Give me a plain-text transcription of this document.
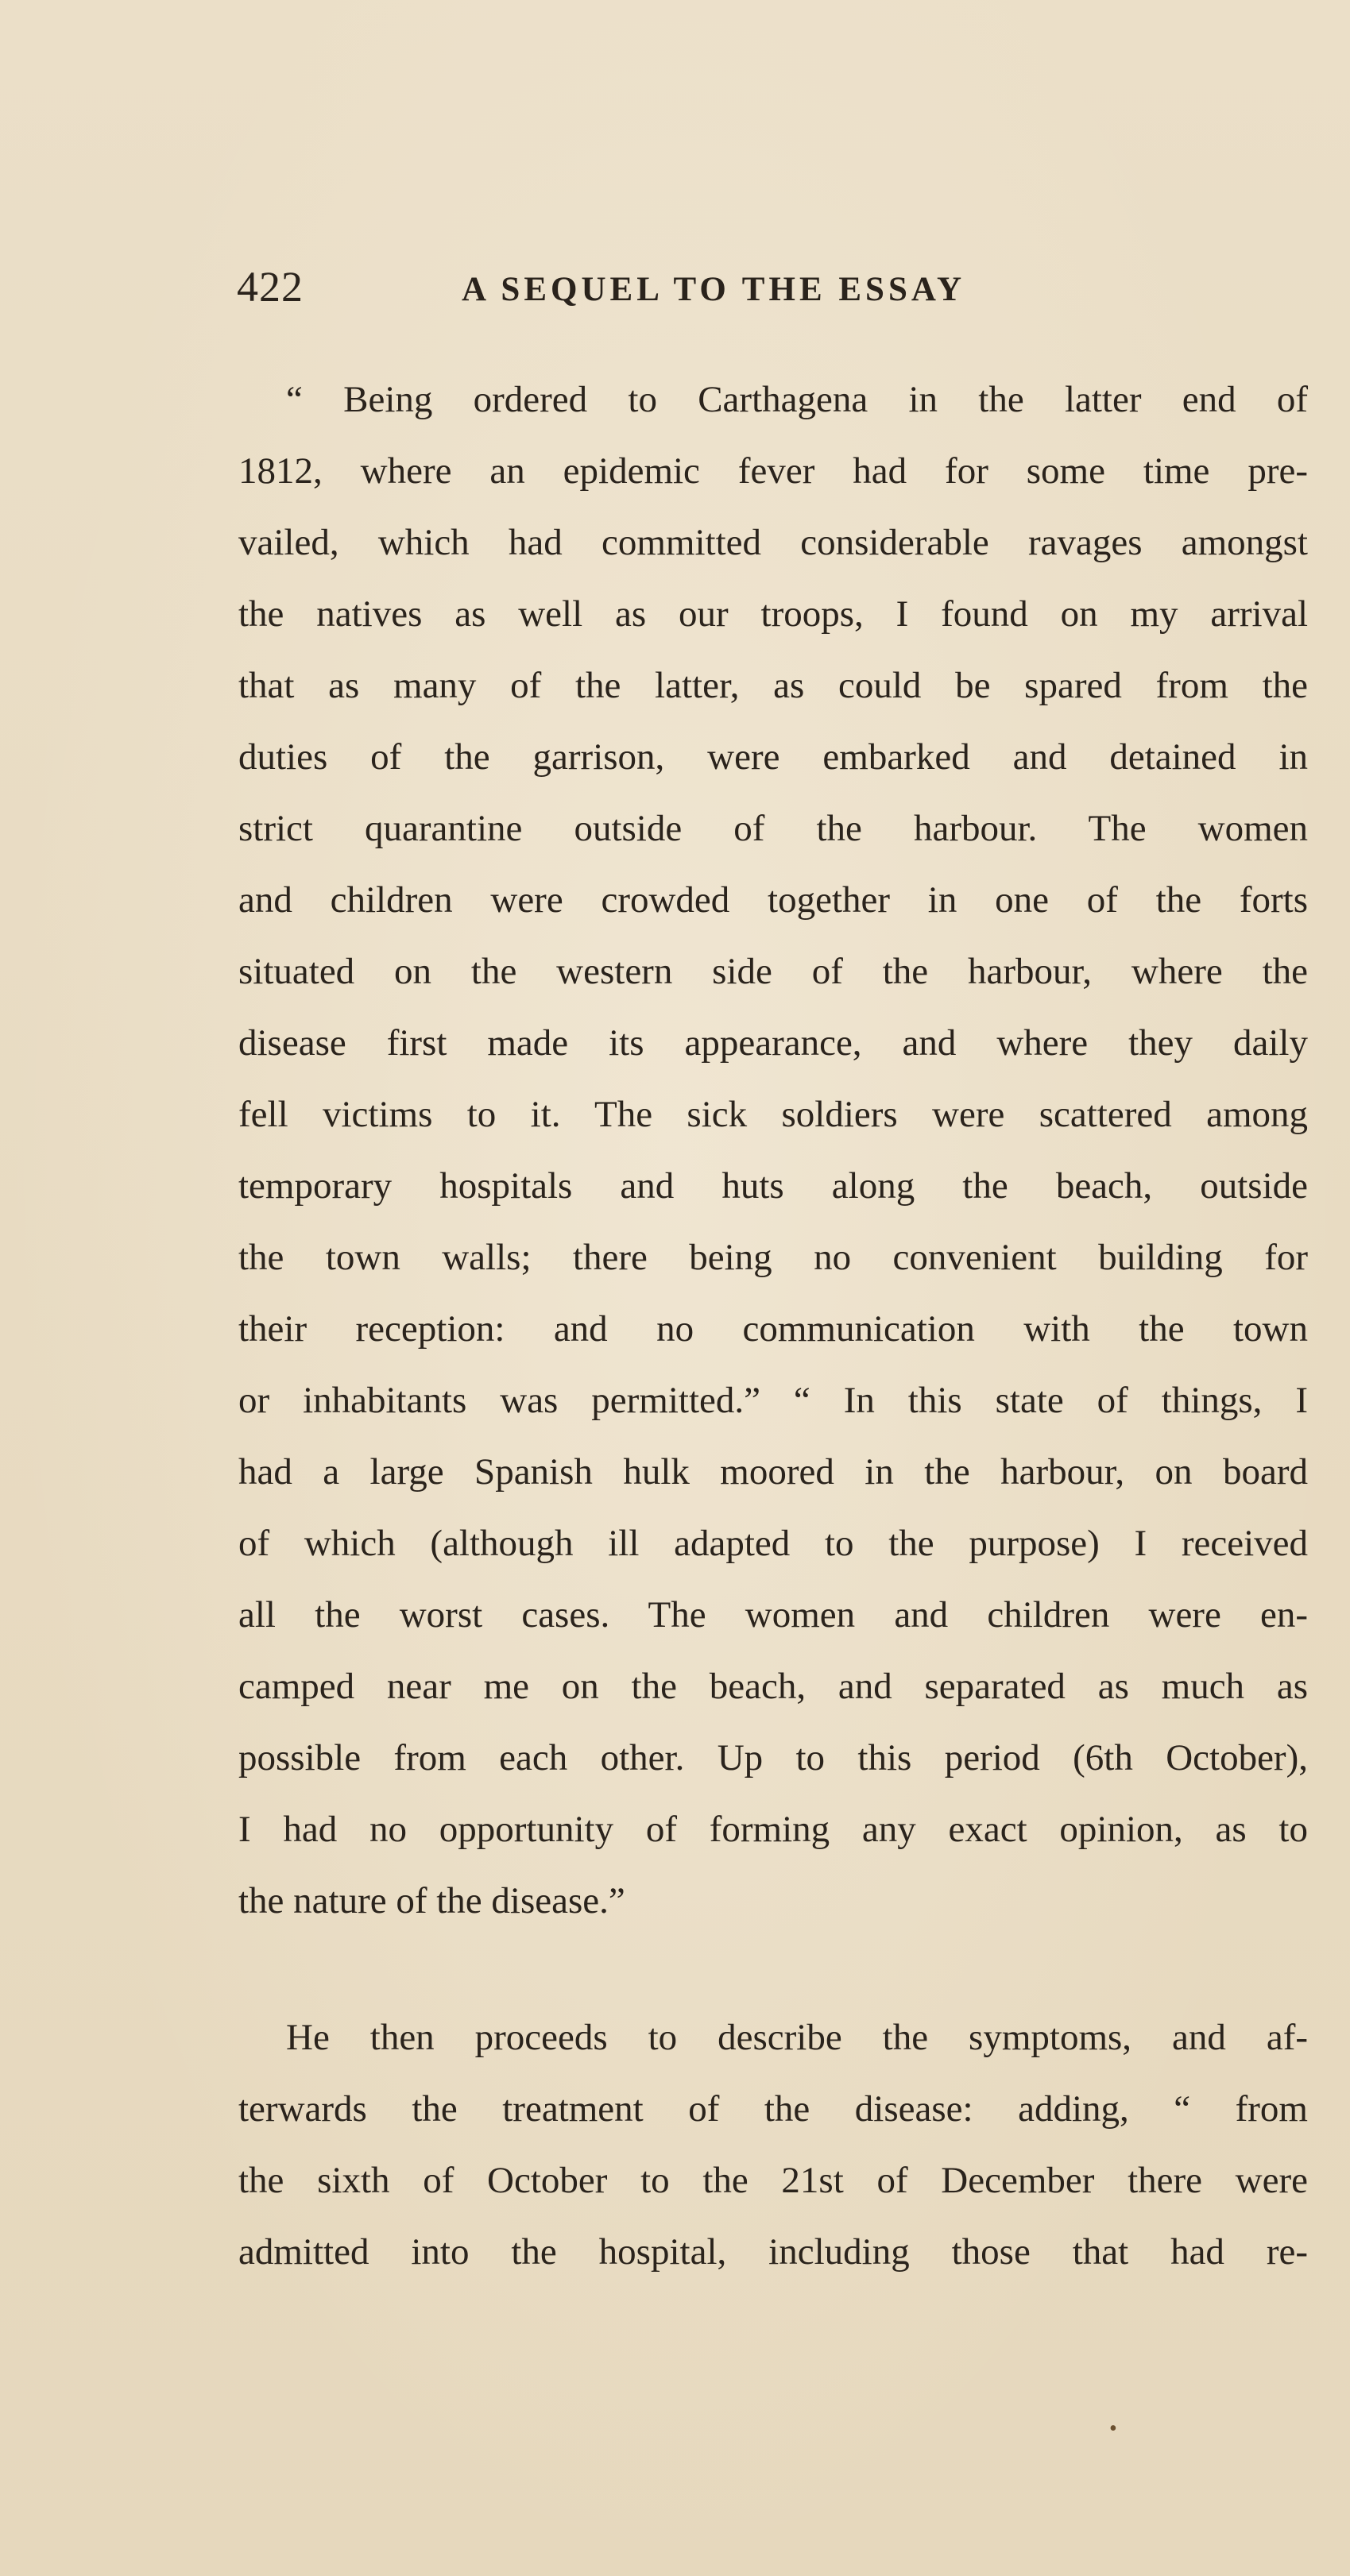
422	A SEQUEL TO THE ESSAY
“ Being ordered to Carthagena in the latter end of
1812, where an epidemic fever had for some time pre-
vailed, which had committed considerable ravages amongst
the natives as well as our troops, I found on my arrival
that as many of the latter, as could be spared from the
duties of the garrison, were embarked and detained in
strict quarantine outside of the harbour. The women
and children were crowded together in one of the forts
situated on the western side of the harbour, where the
disease first made its appearance, and where they daily
fell victims to it. The sick soldiers were scattered among
temporary hospitals and huts along the beach, outside
the town walls; there being no convenient building for
their reception: and no communication with the town
or inhabitants was permitted.” “ In this state of things, I
had a large Spanish hulk moored in the harbour, on board
of which (although ill adapted to the purpose) I received
all the worst cases. The women and children were en-
camped near me on the beach, and separated as much as
possible from each other. Up to this period (6th October),
I had no opportunity of forming any exact opinion, as to
the nature of the disease.”
He then proceeds to describe the symptoms, and af-
terwards the treatment of the disease: adding, “ from
the sixth of October to the 21st of December there were
admitted into the hospital, including those that had re-
•
